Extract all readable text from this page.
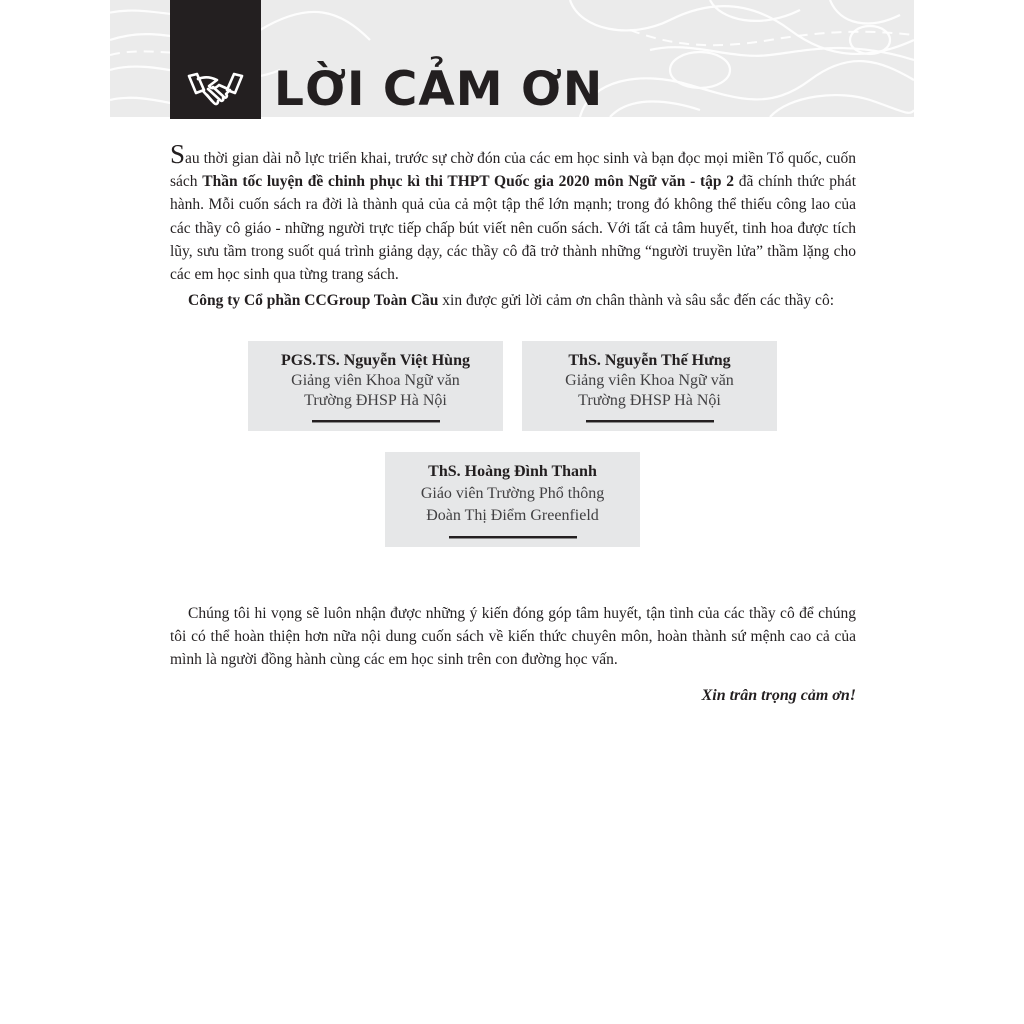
LỜI CẢM ƠN

Sau thời gian dài nỗ lực triển khai, trước sự chờ đón của các em học sinh và bạn đọc mọi miền Tổ quốc, cuốn sách Thần tốc luyện đề chinh phục kì thi THPT Quốc gia 2020 môn Ngữ văn - tập 2 đã chính thức phát hành. Mỗi cuốn sách ra đời là thành quả của cả một tập thể lớn mạnh; trong đó không thể thiếu công lao của các thầy cô giáo - những người trực tiếp chấp bút viết nên cuốn sách. Với tất cả tâm huyết, tinh hoa được tích lũy, sưu tầm trong suốt quá trình giảng dạy, các thầy cô đã trở thành những “người truyền lửa” thầm lặng cho các em học sinh qua từng trang sách.

Công ty Cổ phần CCGroup Toàn Cầu xin được gửi lời cảm ơn chân thành và sâu sắc đến các thầy cô:

PGS.TS. Nguyễn Việt Hùng
Giảng viên Khoa Ngữ văn
Trường ĐHSP Hà Nội
ThS. Nguyễn Thế Hưng
Giảng viên Khoa Ngữ văn
Trường ĐHSP Hà Nội
ThS. Hoàng Đình Thanh
Giáo viên Trường Phổ thông
Đoàn Thị Điểm Greenfield

Chúng tôi hi vọng sẽ luôn nhận được những ý kiến đóng góp tâm huyết, tận tình của các thầy cô để chúng tôi có thể hoàn thiện hơn nữa nội dung cuốn sách về kiến thức chuyên môn, hoàn thành sứ mệnh cao cả của mình là người đồng hành cùng các em học sinh trên con đường học vấn.

Xin trân trọng cảm ơn!
